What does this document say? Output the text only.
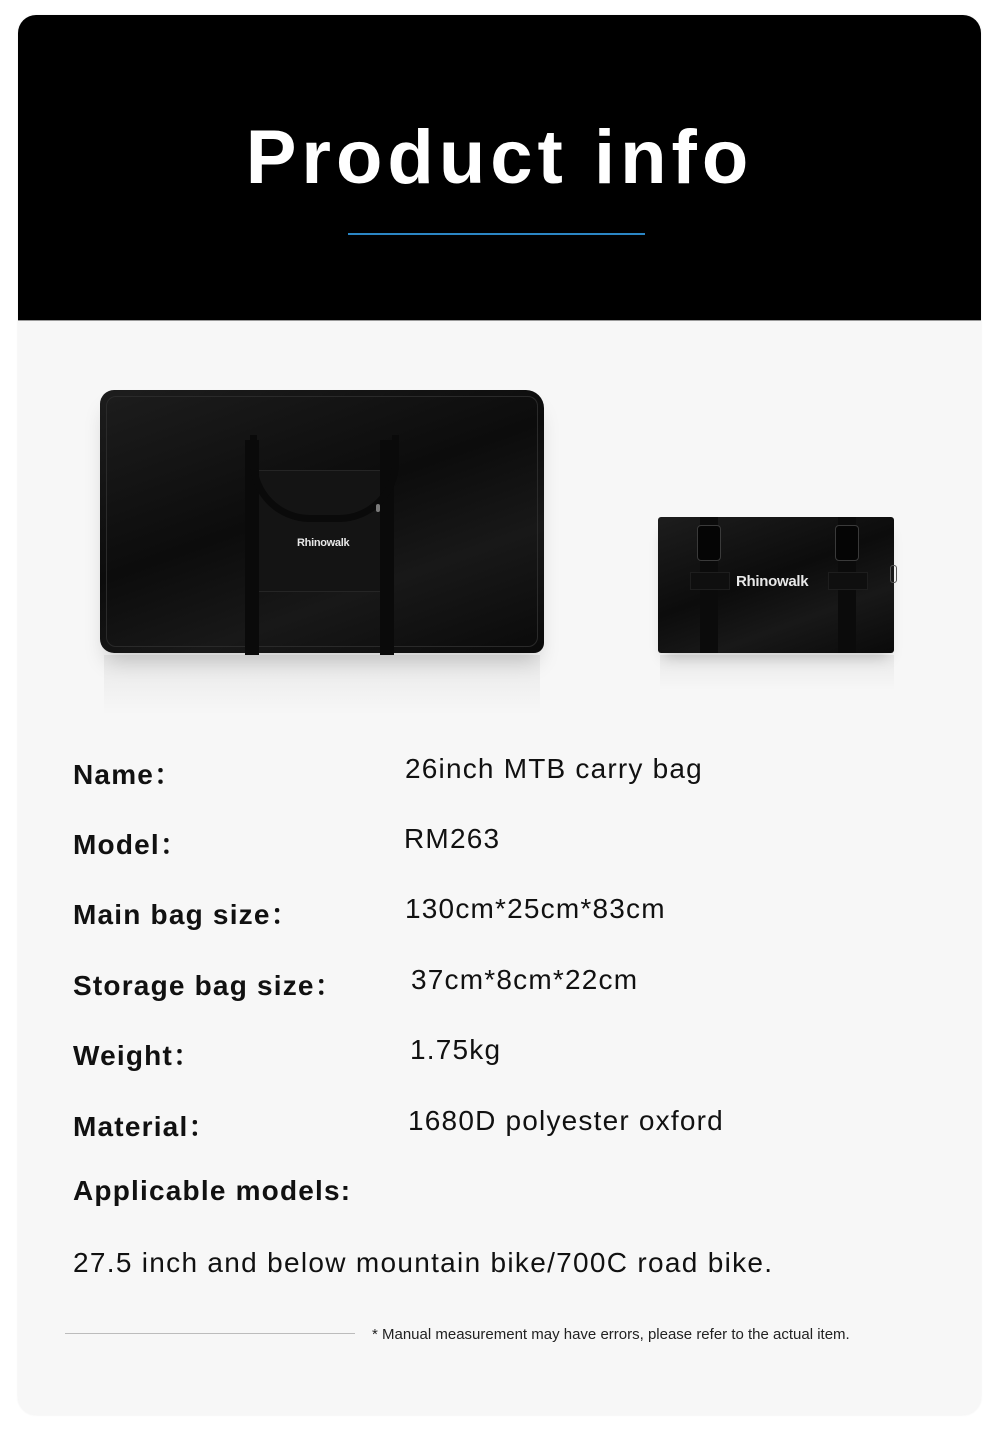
Product info
Rhinowalk
Rhinowalk
Name：	26inch MTB carry bag
Model：	RM263
Main bag size：	130cm*25cm*83cm
Storage bag size： 37cm*8cm*22cm
Weight：	1.75kg
Material：	1680D polyester oxford
Applicable models:
27.5 inch and below mountain bike/700C road bike.
* Manual measurement may have errors, please refer to the actual item.
